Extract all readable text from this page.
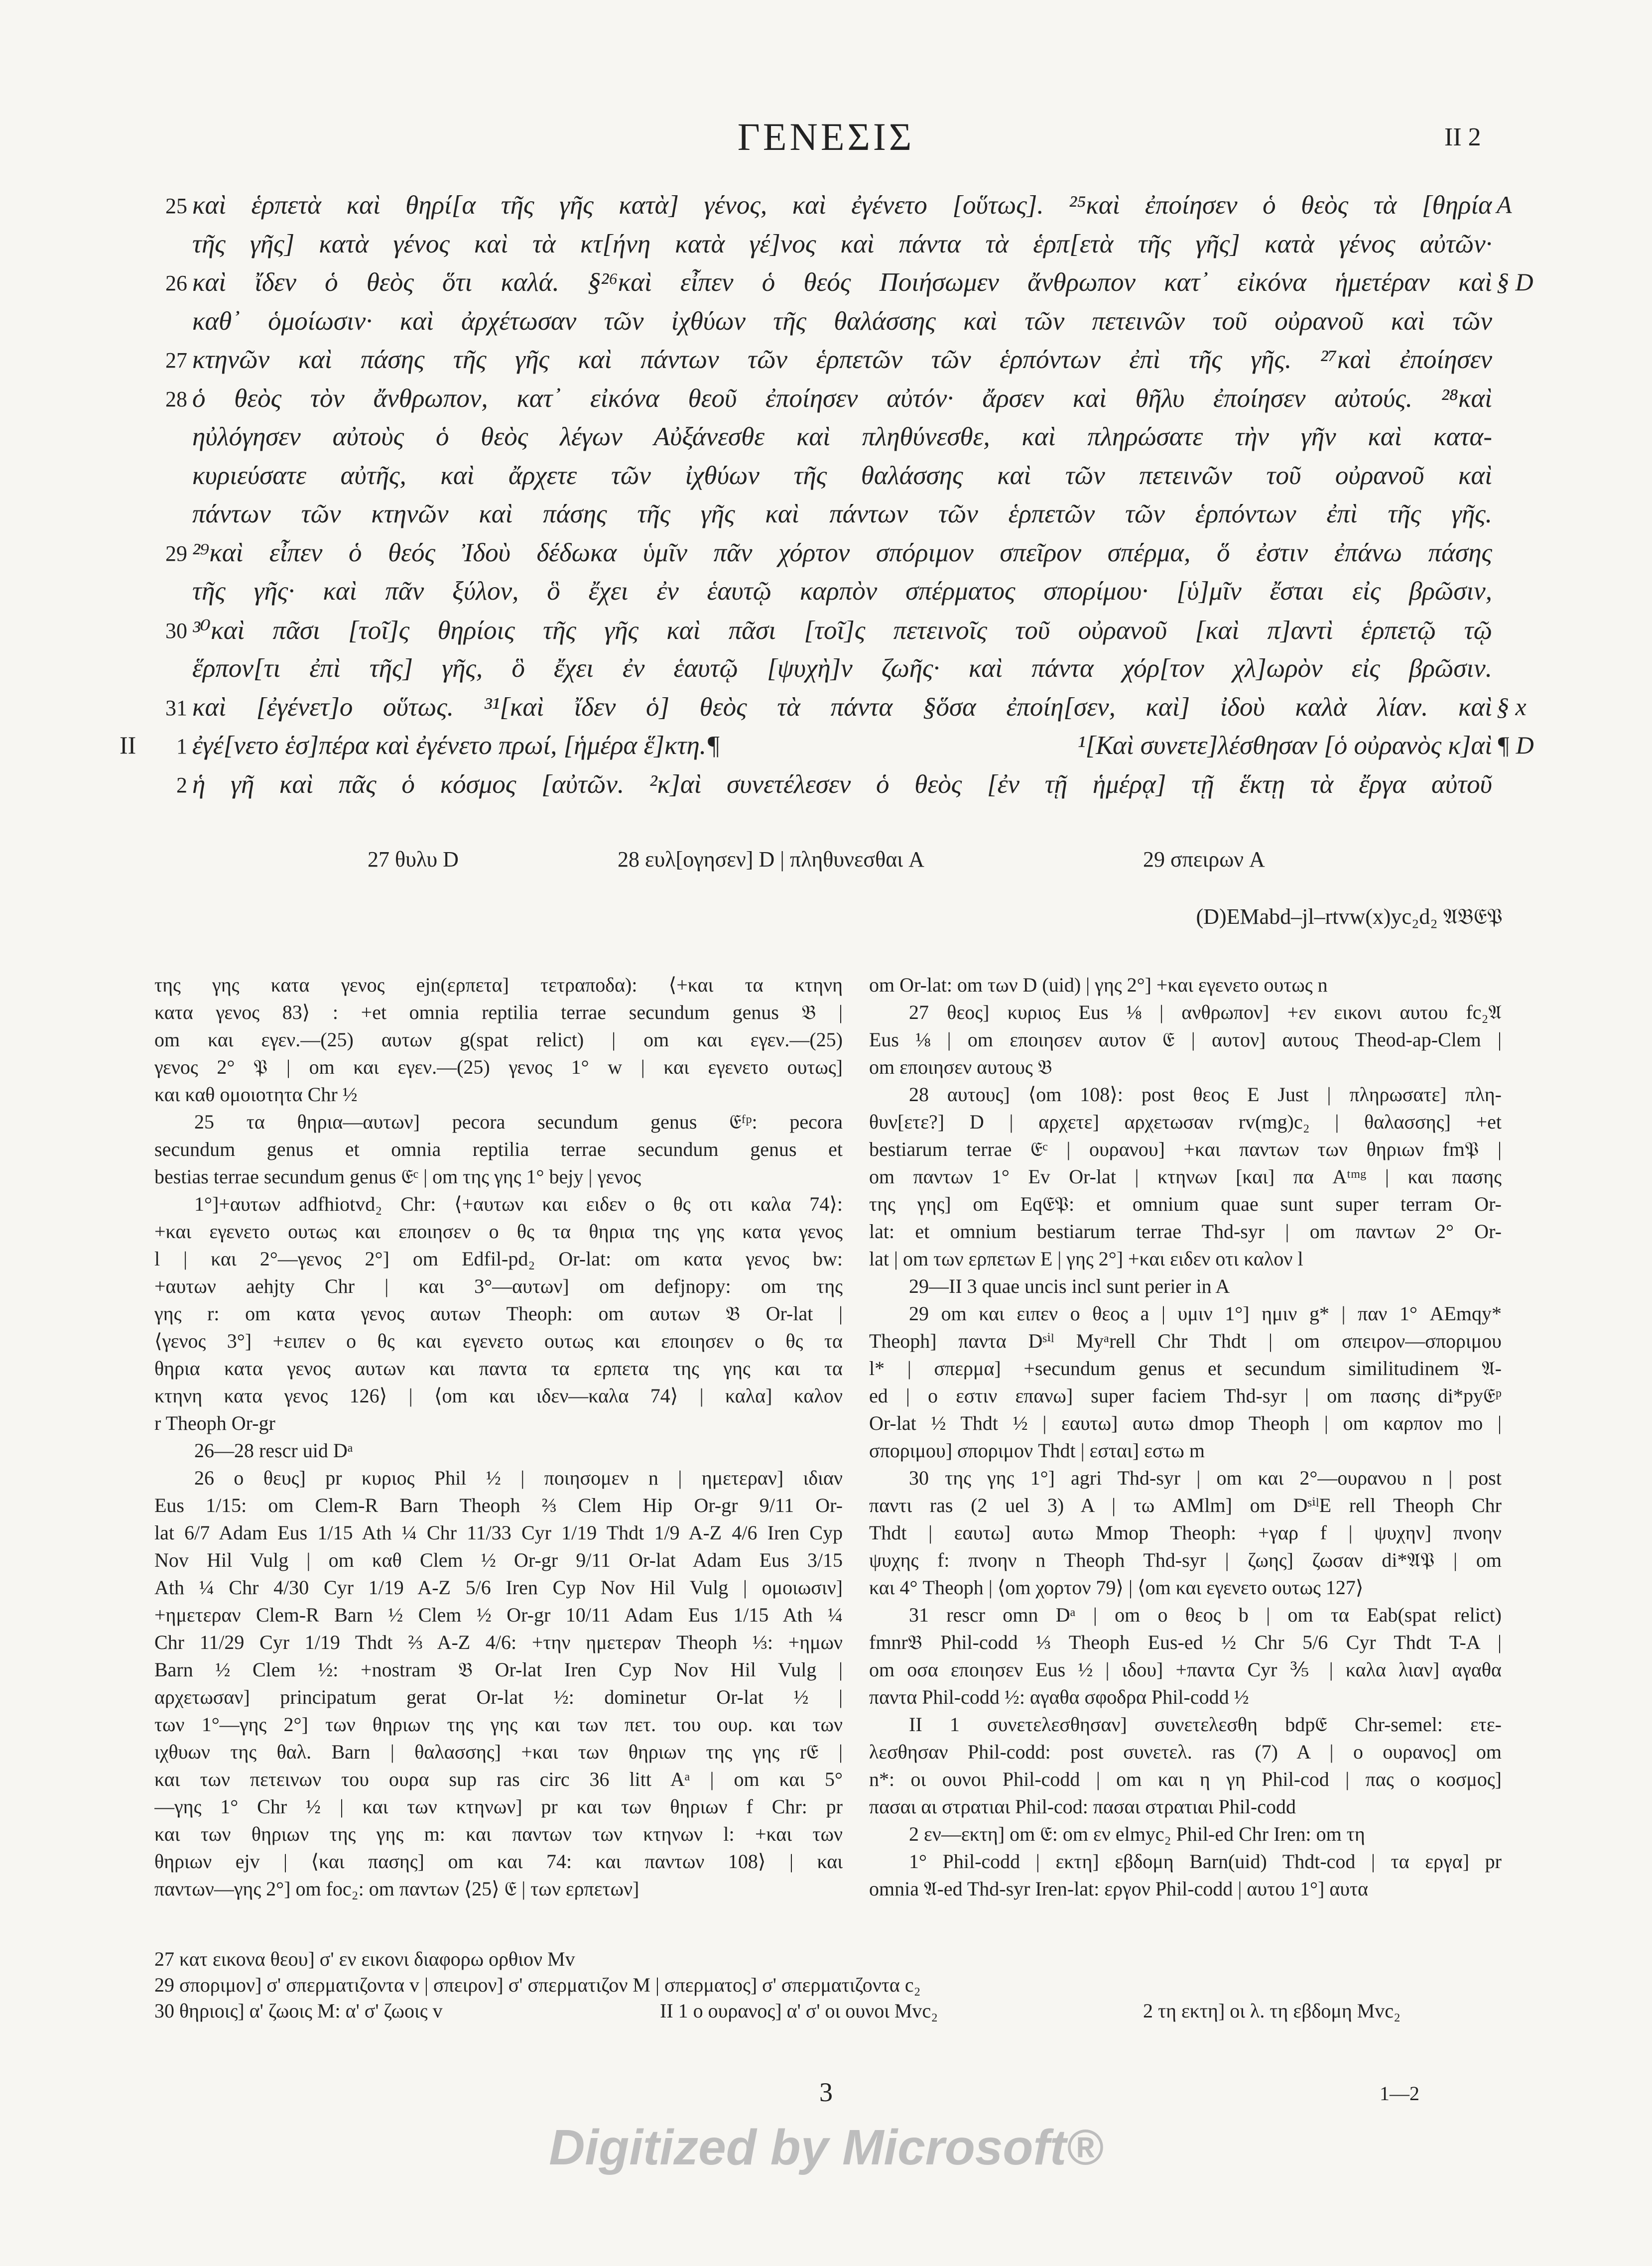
ΓΕΝΕΣΙΣ	II 2
25 καὶ ἑρπετὰ καὶ θηρί[α τῆς γῆς κατὰ] γένος, καὶ ἐγένετο [οὕτως]. ²⁵καὶ ἐποίησεν ὁ θεὸς τὰ [θηρία A
τῆς γῆς] κατὰ γένος καὶ τὰ κτ[ήνη κατὰ γέ]νος καὶ πάντα τὰ ἑρπ[ετὰ τῆς γῆς] κατὰ γένος αὐτῶν·
26 καὶ ἴδεν ὁ θεὸς ὅτι καλά. §²⁶καὶ εἶπεν ὁ θεός Ποιήσωμεν ἄνθρωπον κατ᾿ εἰκόνα ἡμετέραν καὶ § D
καθ᾿ ὁμοίωσιν· καὶ ἀρχέτωσαν τῶν ἰχθύων τῆς θαλάσσης καὶ τῶν πετεινῶν τοῦ οὐρανοῦ καὶ τῶν
27 κτηνῶν καὶ πάσης τῆς γῆς καὶ πάντων τῶν ἑρπετῶν τῶν ἑρπόντων ἐπὶ τῆς γῆς. ²⁷καὶ ἐποίησεν
28 ὁ θεὸς τὸν ἄνθρωπον, κατ᾿ εἰκόνα θεοῦ ἐποίησεν αὐτόν· ἄρσεν καὶ θῆλυ ἐποίησεν αὐτούς. ²⁸καὶ
ηὐλόγησεν αὐτοὺς ὁ θεὸς λέγων Αὐξάνεσθε καὶ πληθύνεσθε, καὶ πληρώσατε τὴν γῆν καὶ κατα-
κυριεύσατε αὐτῆς, καὶ ἄρχετε τῶν ἰχθύων τῆς θαλάσσης καὶ τῶν πετεινῶν τοῦ οὐρανοῦ καὶ
πάντων τῶν κτηνῶν καὶ πάσης τῆς γῆς καὶ πάντων τῶν ἑρπετῶν τῶν ἑρπόντων ἐπὶ τῆς γῆς.
29 ²⁹καὶ εἶπεν ὁ θεός Ἰδοὺ δέδωκα ὑμῖν πᾶν χόρτον σπόριμον σπεῖρον σπέρμα, ὅ ἐστιν ἐπάνω πάσης
τῆς γῆς· καὶ πᾶν ξύλον, ὃ ἔχει ἐν ἑαυτῷ καρπὸν σπέρματος σπορίμου· [ὑ]μῖν ἔσται εἰς βρῶσιν,
30 ³⁰καὶ πᾶσι [τοῖ]ς θηρίοις τῆς γῆς καὶ πᾶσι [τοῖ]ς πετεινοῖς τοῦ οὐρανοῦ [καὶ π]αντὶ ἑρπετῷ τῷ
ἕρπον[τι ἐπὶ τῆς] γῆς, ὃ ἔχει ἐν ἑαυτῷ [ψυχὴ]ν ζωῆς· καὶ πάντα χόρ[τον χλ]ωρὸν εἰς βρῶσιν.
31 καὶ [ἐγένετ]ο οὕτως. ³¹[καὶ ἴδεν ὁ] θεὸς τὰ πάντα §ὅσα ἐποίη[σεν, καὶ] ἰδοὺ καλὰ λίαν. καὶ § x
II	1 ἐγέ[νετο ἑσ]πέρα καὶ ἐγένετο πρωί, [ἡμέρα ἕ]κτη.¶	¹[Καὶ συνετε]λέσθησαν [ὁ οὐρανὸς κ]αὶ ¶ D
2 ἡ γῆ καὶ πᾶς ὁ κόσμος [αὐτῶν. ²κ]αὶ συνετέλεσεν ὁ θεὸς [ἐν τῇ ἡμέρᾳ] τῇ ἕκτῃ τὰ ἔργα αὐτοῦ
27 θυλυ D	28 ευλ[ογησεν] D | πληθυνεσθαι A	29 σπειρων A
(D)EMabd–jl–rtvw(x)yc₂d₂ 𝔄𝔅𝔈𝔓
της γης κατα γενος ejn(ερπετα] τετραποδα): ⟨+και τα κτηνη
κατα γενος 83⟩ : +et omnia reptilia terrae secundum genus 𝔅 |
om και εγεν.—(25) αυτων g(spat relict) | om και εγεν.—(25)
γενος 2° 𝔓 | om και εγεν.—(25) γενος 1° w | και εγενετο ουτως]
και καθ ομοιοτητα Chr ½
25 τα θηρια—αυτων] pecora secundum genus 𝔈ᶠᵖ: pecora
secundum genus et omnia reptilia terrae secundum genus et
bestias terrae secundum genus 𝔈ᶜ | om της γης 1° bejy | γενος
1°]+αυτων adfhiotvd₂ Chr: ⟨+αυτων και ειδεν ο θς οτι καλα 74⟩:
+και εγενετο ουτως και εποιησεν ο θς τα θηρια της γης κατα γενος
l | και 2°—γενος 2°] om Edfil-pd₂ Or-lat: om κατα γενος bw:
+αυτων aehjty Chr | και 3°—αυτων] om defjnopy: om της
γης r: om κατα γενος αυτων Theoph: om αυτων 𝔅 Or-lat |
⟨γενος 3°] +ειπεν ο θς και εγενετο ουτως και εποιησεν ο θς τα
θηρια κατα γενος αυτων και παντα τα ερπετα της γης και τα
κτηνη κατα γενος 126⟩ | ⟨om και ιδεν—καλα 74⟩ | καλα] καλον
r Theoph Or-gr
26—28 rescr uid Dᵃ
26 ο θευς] pr κυριος Phil ½ | ποιησομεν n | ημετεραν] ιδιαν
Eus 1/15: om Clem-R Barn Theoph ⅔ Clem Hip Or-gr 9/11 Or-
lat 6/7 Adam Eus 1/15 Ath ¼ Chr 11/33 Cyr 1/19 Thdt 1/9 A-Z 4/6 Iren Cyp
Nov Hil Vulg | om καθ Clem ½ Or-gr 9/11 Or-lat Adam Eus 3/15
Ath ¼ Chr 4/30 Cyr 1/19 A-Z 5/6 Iren Cyp Nov Hil Vulg | ομοιωσιν]
+ημετεραν Clem-R Barn ½ Clem ½ Or-gr 10/11 Adam Eus 1/15 Ath ¼
Chr 11/29 Cyr 1/19 Thdt ⅔ A-Z 4/6: +την ημετεραν Theoph ⅓: +ημων
Barn ½ Clem ½: +nostram 𝔅 Or-lat Iren Cyp Nov Hil Vulg |
αρχετωσαν] principatum gerat Or-lat ½: dominetur Or-lat ½ |
των 1°—γης 2°] των θηριων της γης και των πετ. του ουρ. και των
ιχθυων της θαλ. Barn | θαλασσης] +και των θηριων της γης r𝔈 |
και των πετεινων του ουρα sup ras circ 36 litt Aᵃ | om και 5°
—γης 1° Chr ½ | και των κτηνων] pr και των θηριων f Chr: pr
και των θηριων της γης m: και παντων των κτηνων l: +και των
θηριων ejv | ⟨και πασης] om και 74: και παντων 108⟩ | και
παντων—γης 2°] om foc₂: om παντων ⟨25⟩ 𝔈 | των ερπετων]
om Or-lat: om των D (uid) | γης 2°] +και εγενετο ουτως n
27 θεος] κυριος Eus ⅛ | ανθρωπον] +εν εικονι αυτου fc₂𝔄
Eus ⅛ | om εποιησεν αυτον 𝔈 | αυτον] αυτους Theod-ap-Clem |
om εποιησεν αυτους 𝔅
28 αυτους] ⟨om 108⟩: post θεος E Just | πληρωσατε] πλη-
θυν[ετε?] D | αρχετε] αρχετωσαν rv(mg)c₂ | θαλασσης] +et
bestiarum terrae 𝔈ᶜ | ουρανου] +και παντων των θηριων fm𝔓 |
om παντων 1° Ev Or-lat | κτηνων [και] πα Aᵗᵐᵍ | και πασης
της γης] om Eq𝔈𝔓: et omnium quae sunt super terram Or-
lat: et omnium bestiarum terrae Thd-syr | om παντων 2° Or-
lat | om των ερπετων E | γης 2°] +και ειδεν οτι καλον l
29—II 3 quae uncis incl sunt perier in A
29 om και ειπεν ο θεος a | υμιν 1°] ημιν g* | παν 1° AEmqy*
Theoph] παντα Dˢⁱˡ Myᵃrell Chr Thdt | om σπειρον—σποριμου
l* | σπερμα] +secundum genus et secundum similitudinem 𝔄-
ed | ο εστιν επανω] super faciem Thd-syr | om πασης di*py𝔈ᵖ
Or-lat ½ Thdt ½ | εαυτω] αυτω dmop Theoph | om καρπον mo |
σποριμου] σποριμον Thdt | εσται] εστω m
30 της γης 1°] agri Thd-syr | om και 2°—ουρανου n | post
παντι ras (2 uel 3) A | τω AMlm] om DˢⁱˡE rell Theoph Chr
Thdt | εαυτω] αυτω Mmop Theoph: +γαρ f | ψυχην] πνοην
ψυχης f: πνοην n Theoph Thd-syr | ζωης] ζωσαν di*𝔄𝔓 | om
και 4° Theoph | ⟨om χορτον 79⟩ | ⟨om και εγενετο ουτως 127⟩
31 rescr omn Dᵃ | om ο θεος b | om τα Eab(spat relict)
fmnr𝔅 Phil-codd ⅓ Theoph Eus-ed ½ Chr 5/6 Cyr Thdt T-A |
om οσα εποιησεν Eus ½ | ιδου] +παντα Cyr ⅗ | καλα λιαν] αγαθα
παντα Phil-codd ½: αγαθα σφοδρα Phil-codd ½
II 1 συνετελεσθησαν] συνετελεσθη bdp𝔈 Chr-semel: ετε-
λεσθησαν Phil-codd: post συνετελ. ras (7) A | ο ουρανος] om
n*: οι ουνοι Phil-codd | om και η γη Phil-cod | πας ο κοσμος]
πασαι αι στρατιαι Phil-cod: πασαι στρατιαι Phil-codd
2 εν—εκτη] om 𝔈: om εν elmyc₂ Phil-ed Chr Iren: om τη
1° Phil-codd | εκτη] εβδομη Barn(uid) Thdt-cod | τα εργα] pr
omnia 𝔄-ed Thd-syr Iren-lat: εργον Phil-codd | αυτου 1°] αυτα
27 κατ εικονα θεου] σ' εν εικονι διαφορω ορθιον Mv
29 σποριμον] σ' σπερματιζοντα v | σπειρον] σ' σπερματιζον M | σπερματος] σ' σπερματιζοντα c₂
30 θηριοις] α' ζωοις M: α' σ' ζωοις v	II 1 ο ουρανος] α' σ' οι ουνοι Mvc₂	2 τη εκτη] οι λ. τη εβδομη Mvc₂
3	1—2
Digitized by Microsoft®
